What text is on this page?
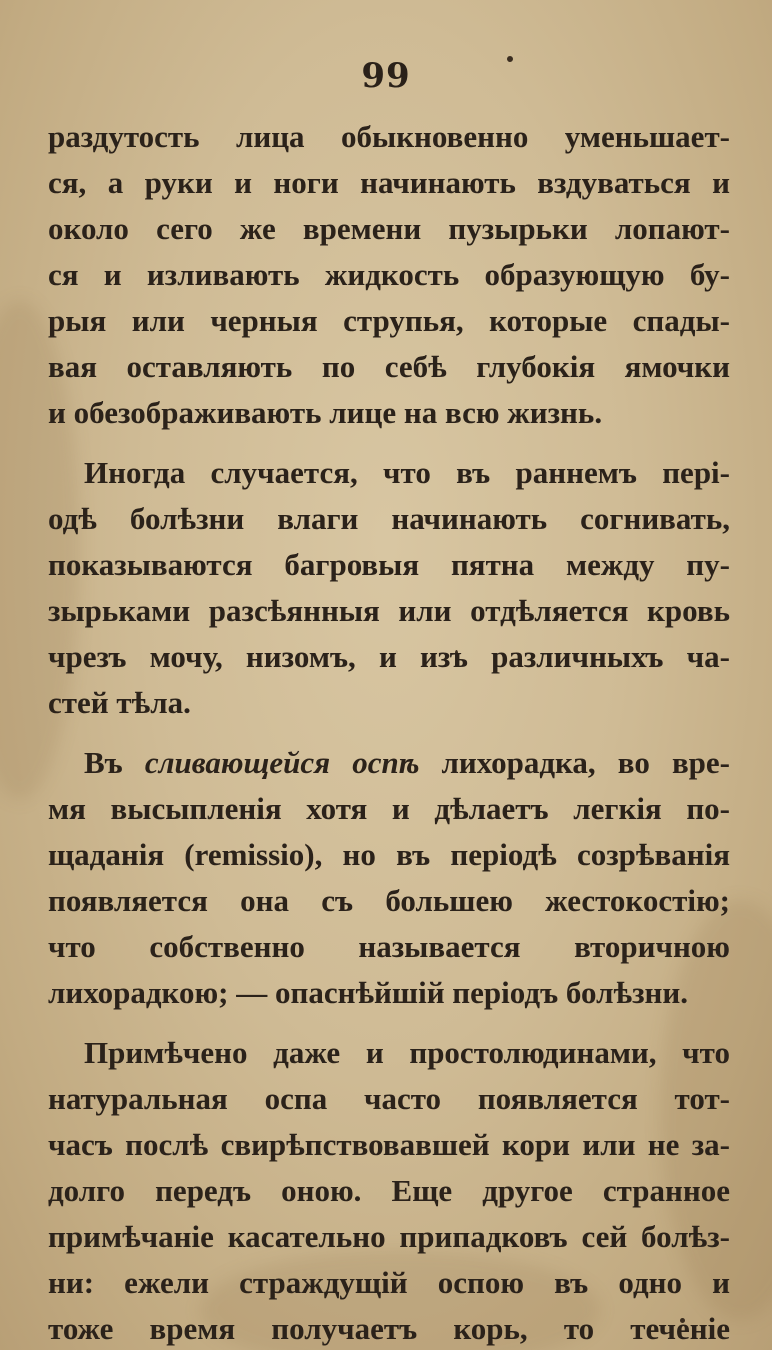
99

раздутость лица обыкновенно уменьшает-
ся, а руки и ноги начинають вздуваться и
около сего же времени пузырьки лопают-
ся и изливають жидкость образующую бу-
рыя или черныя струпья, которые спады-
вая оставляють по себѣ глубокія ямочки
и обезображивають лице на всю жизнь.

Иногда случается, что въ раннемъ пері-
одѣ болѣзни влаги начинають согнивать,
показываются багровыя пятна между пу-
зырьками разсѣянныя или отдѣляется кровь
чрезъ мочу, низомъ, и изъ различныхъ ча-
стей тѣла.

Въ сливающейся оспѣ лихорадка, во вре-
мя высыпленія хотя и дѣлаетъ легкія по-
щаданія (remissio), но въ періодѣ созрѣванія
появляется она съ большею жестокостію;
что собственно называется вторичною
лихорадкою; — опаснѣйшій періодъ болѣзни.

Примѣчено даже и простолюдинами, что
натуральная оспа часто появляется тот-
часъ послѣ свирѣпствовавшей кори или не за-
долго передъ оною. Еще другое странное
примѣчаніе касательно припадковъ сей болѣз-
ни: ежели страждущій оспою въ одно и
тоже время получаетъ корь, то теченіе
